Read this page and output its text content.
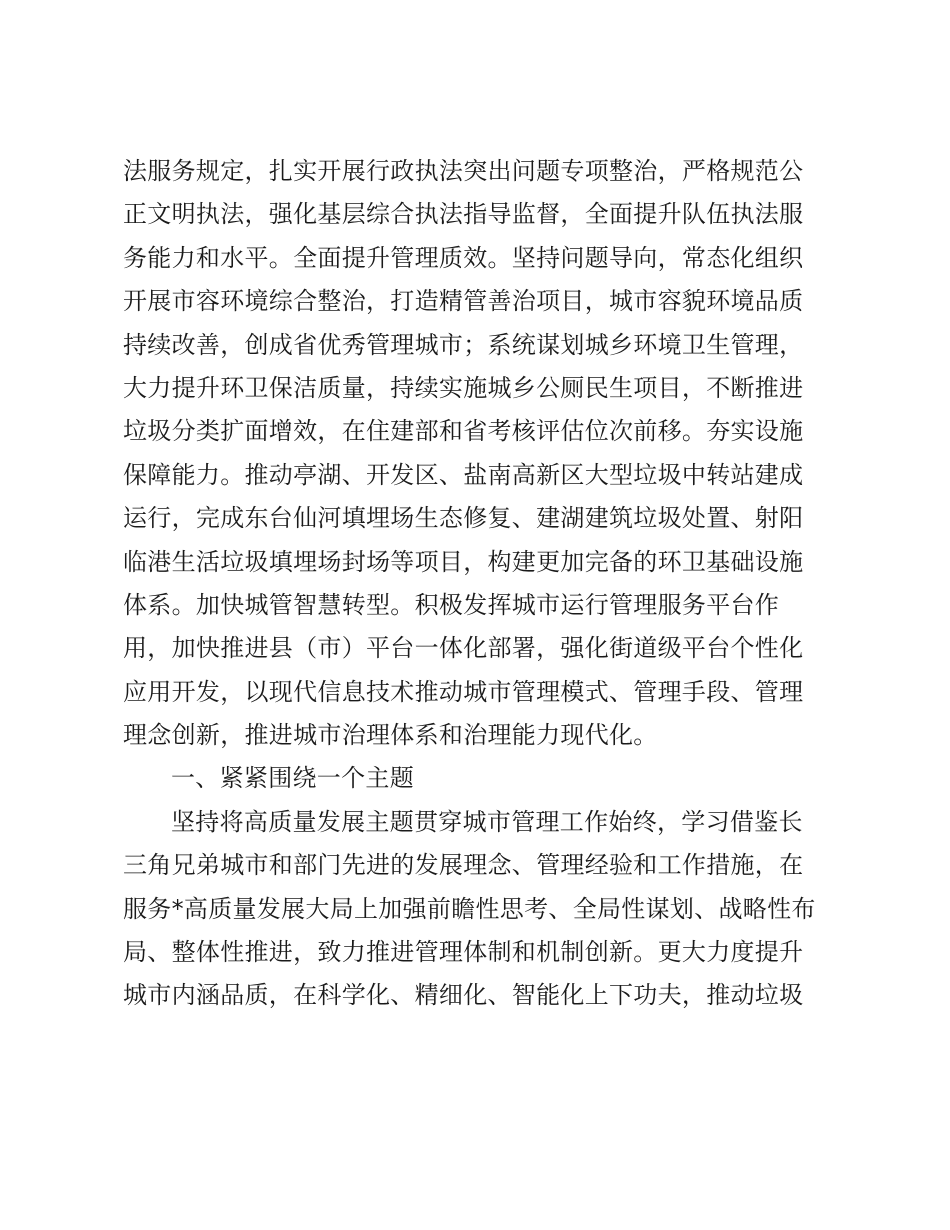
法服务规定，扎实开展行政执法突出问题专项整治，严格规范公
正文明执法，强化基层综合执法指导监督，全面提升队伍执法服
务能力和水平。全面提升管理质效。坚持问题导向，常态化组织
开展市容环境综合整治，打造精管善治项目，城市容貌环境品质
持续改善，创成省优秀管理城市；系统谋划城乡环境卫生管理，
大力提升环卫保洁质量，持续实施城乡公厕民生项目，不断推进
垃圾分类扩面增效，在住建部和省考核评估位次前移。夯实设施
保障能力。推动亭湖、开发区、盐南高新区大型垃圾中转站建成
运行，完成东台仙河填埋场生态修复、建湖建筑垃圾处置、射阳
临港生活垃圾填埋场封场等项目，构建更加完备的环卫基础设施
体系。加快城管智慧转型。积极发挥城市运行管理服务平台作
用，加快推进县（市）平台一体化部署，强化街道级平台个性化
应用开发，以现代信息技术推动城市管理模式、管理手段、管理
理念创新，推进城市治理体系和治理能力现代化。
一、紧紧围绕一个主题
坚持将高质量发展主题贯穿城市管理工作始终，学习借鉴长
三角兄弟城市和部门先进的发展理念、管理经验和工作措施，在
服务*高质量发展大局上加强前瞻性思考、全局性谋划、战略性布
局、整体性推进，致力推进管理体制和机制创新。更大力度提升
城市内涵品质，在科学化、精细化、智能化上下功夫，推动垃圾
